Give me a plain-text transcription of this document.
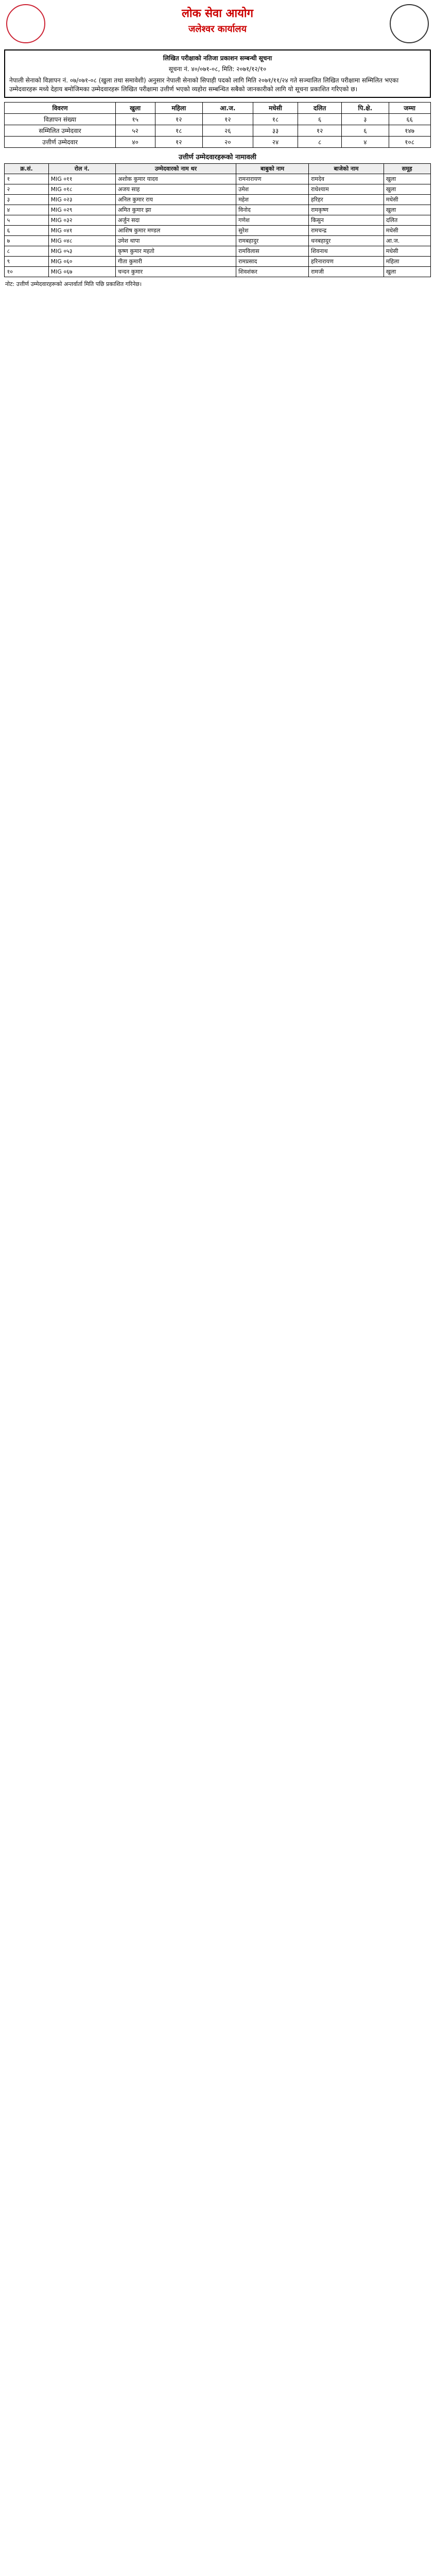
लोक सेवा आयोग
जलेश्वर कार्यालय
लिखित परीक्षाको नतिजा प्रकाशन सम्बन्धी सूचना
सूचना नं. ४०/०७१-०८, मिति: २०७१/१२/१०
नेपाली सेनाको विज्ञापन नं. ०७/०७१-०८ (खुला तथा समावेशी) अनुसार नेपाली सेनाको सिपाही पदको लागि मिति २०७१/११/२४ गते सञ्चालित लिखित परीक्षामा सम्मिलित भएका उम्मेदवारहरू मध्ये देहाय बमोजिमका उम्मेदवारहरू लिखित परीक्षामा उत्तीर्ण भएको व्यहोरा सम्बन्धित सबैको जानकारीको लागि यो सूचना प्रकाशित गरिएको छ।
विवरण	खुला	महिला	आ.ज.	मधेसी	दलित	पि.क्षे.	जम्मा
विज्ञापन संख्या	१५	१२	१२	१८	६	३	६६
सम्मिलित उम्मेदवार	५२	१८	२६	३३	१२	६	१४७
उत्तीर्ण उम्मेदवार	४०	१२	२०	२४	८	४	१०८
उत्तीर्ण उम्मेदवारहरूको नामावली
क्र.सं.	रोल नं.	उम्मेदवारको नाम थर	बाबुको नाम	बाजेको नाम	समूह
१	MIG ०११	अशोक कुमार यादव	रामनारायण	रामदेव	खुला
२	MIG ०१८	अजय साह	उमेश	राधेश्याम	खुला
३	MIG ०२३	अनिल कुमार राय	महेश	हरिहर	मधेसी
४	MIG ०२९	अमित कुमार झा	विनोद	रामकृष्ण	खुला
५	MIG ०३२	अर्जुन सदा	गणेश	किसुन	दलित
६	MIG ०४१	आशिष कुमार मण्डल	सुरेश	रामचन्द्र	मधेसी
७	MIG ०४८	उमेश थापा	रामबहादुर	धनबहादुर	आ.ज.
८	MIG ०५३	कृष्ण कुमार महतो	रामविलास	शिवनाथ	मधेसी
९	MIG ०६०	गीता कुमारी	रामप्रसाद	हरिनारायण	महिला
१०	MIG ०६७	चन्दन कुमार	शिवशंकर	रामजी	खुला
नोट: उत्तीर्ण उम्मेदवारहरूको अन्तर्वार्ता मिति पछि प्रकाशित गरिनेछ।
